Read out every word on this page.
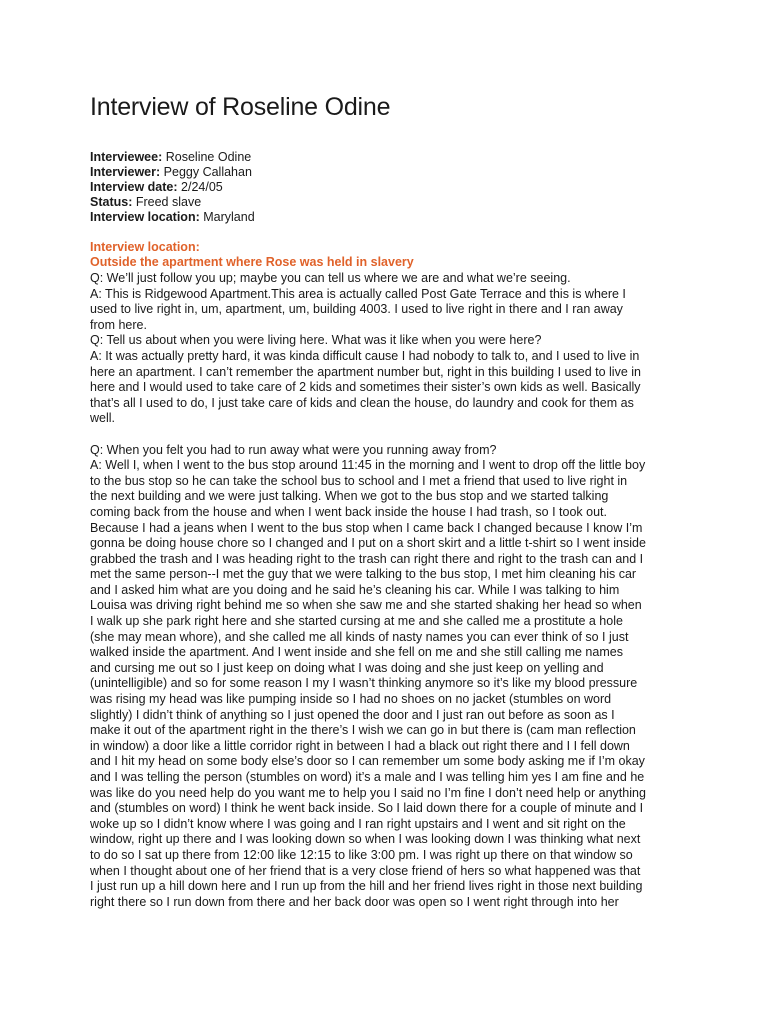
Interview of Roseline Odine
Interviewee: Roseline Odine
Interviewer: Peggy Callahan
Interview date: 2/24/05
Status: Freed slave
Interview location: Maryland
Interview location:
Outside the apartment where Rose was held in slavery
Q: We’ll just follow you up; maybe you can tell us where we are and what we’re seeing.
A: This is Ridgewood Apartment.This area is actually called Post Gate Terrace and this is where I
used to live right in, um, apartment, um, building 4003. I used to live right in there and I ran away
from here.
Q: Tell us about when you were living here. What was it like when you were here?
A: It was actually pretty hard, it was kinda difficult cause I had nobody to talk to, and I used to live in
here an apartment. I can’t remember the apartment number but, right in this building I used to live in
here and I would used to take care of 2 kids and sometimes their sister’s own kids as well. Basically
that’s all I used to do, I just take care of kids and clean the house, do laundry and cook for them as
well.
Q: When you felt you had to run away what were you running away from?
A: Well I, when I went to the bus stop around 11:45 in the morning and I went to drop off the little boy
to the bus stop so he can take the school bus to school and I met a friend that used to live right in
the next building and we were just talking. When we got to the bus stop and we started talking
coming back from the house and when I went back inside the house I had trash, so I took out.
Because I had a jeans when I went to the bus stop when I came back I changed because I know I’m
gonna be doing house chore so I changed and I put on a short skirt and a little t-shirt so I went inside
grabbed the trash and I was heading right to the trash can right there and right to the trash can and I
met the same person--I met the guy that we were talking to the bus stop, I met him cleaning his car
and I asked him what are you doing and he said he’s cleaning his car. While I was talking to him
Louisa was driving right behind me so when she saw me and she started shaking her head so when
I walk up she park right here and she started cursing at me and she called me a prostitute a hole
(she may mean whore), and she called me all kinds of nasty names you can ever think of so I just
walked inside the apartment. And I went inside and she fell on me and she still calling me names
and cursing me out so I just keep on doing what I was doing and she just keep on yelling and
(unintelligible) and so for some reason I my I wasn’t thinking anymore so it’s like my blood pressure
was rising my head was like pumping inside so I had no shoes on no jacket (stumbles on word
slightly) I didn’t think of anything so I just opened the door and I just ran out before as soon as I
make it out of the apartment right in the there’s I wish we can go in but there is (cam man reflection
in window) a door like a little corridor right in between I had a black out right there and I I fell down
and I hit my head on some body else’s door so I can remember um some body asking me if I’m okay
and I was telling the person (stumbles on word) it’s a male and I was telling him yes I am fine and he
was like do you need help do you want me to help you I said no I’m fine I don’t need help or anything
and (stumbles on word) I think he went back inside. So I laid down there for a couple of minute and I
woke up so I didn’t know where I was going and I ran right upstairs and I went and sit right on the
window, right up there and I was looking down so when I was looking down I was thinking what next
to do so I sat up there from 12:00 like 12:15 to like 3:00 pm. I was right up there on that window so
when I thought about one of her friend that is a very close friend of hers so what happened was that
I just run up a hill down here and I run up from the hill and her friend lives right in those next building
right there so I run down from there and her back door was open so I went right through into her
